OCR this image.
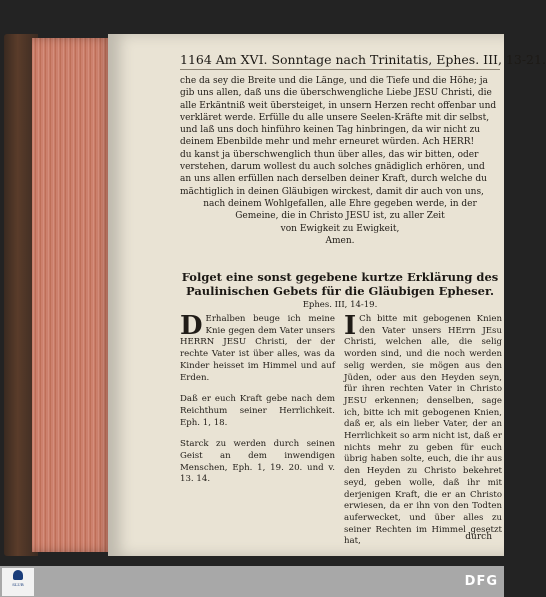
1164 Am XVI. Sonntage nach Trinitatis, Ephes. III, 13-21.

che da sey die Breite und die Länge, und die Tiefe und die Höhe; ja

gib uns allen, daß uns die überschwengliche Liebe JESU Christi, die

alle Erkäntniß weit übersteiget, in unsern Herzen recht offenbar und

verkläret werde. Erfülle du alle unsere Seelen-Kräfte mit dir selbst,

und laß uns doch hinführo keinen Tag hinbringen, da wir nicht zu

deinem Ebenbilde mehr und mehr erneuret würden. Ach HERR!

du kanst ja überschwenglich thun über alles, das wir bitten, oder

verstehen, darum wollest du auch solches gnädiglich erhören, und

an uns allen erfüllen nach derselben deiner Kraft, durch welche du

mächtiglich in deinen Gläubigen wirckest, damit dir auch von uns,

nach deinem Wohlgefallen, alle Ehre gegeben werde, in der

Gemeine, die in Christo JESU ist, zu aller Zeit

von Ewigkeit zu Ewigkeit,

Amen.

Folget eine sonst gegebene kurtze Erklärung des Paulinischen Gebets für die Gläubigen Epheser.
Ephes. III, 14-19.

D Erhalben beuge ich meine Knie gegen dem Vater unsers HERRN JESU Christi, der der rechte Vater ist über alles, was da Kinder heisset im Himmel und auf Erden.

Daß er euch Kraft gebe nach dem Reichthum seiner Herrlichkeit. Eph. 1, 18.

Starck zu werden durch seinen Geist an dem inwendigen Menschen, Eph. 1, 19. 20. und v. 13. 14.

I Ch bitte mit gebogenen Knien den Vater unsers HErrn JEsu Christi, welchen alle, die selig worden sind, und die noch werden selig werden, sie mögen aus den Jüden, oder aus den Heyden seyn, für ihren rechten Vater in Christo JESU erkennen; denselben, sage ich, bitte ich mit gebogenen Knien, daß er, als ein lieber Vater, der an Herrlichkeit so arm nicht ist, daß er nichts mehr zu geben für euch übrig haben solte, euch, die ihr aus den Heyden zu Christo bekehret seyd, geben wolle, daß ihr mit derjenigen Kraft, die er an Christo erwiesen, da er ihn von den Todten auferwecket, und über alles zu seiner Rechten im Himmel gesetzt hat,	durch
SLUB	DFG
